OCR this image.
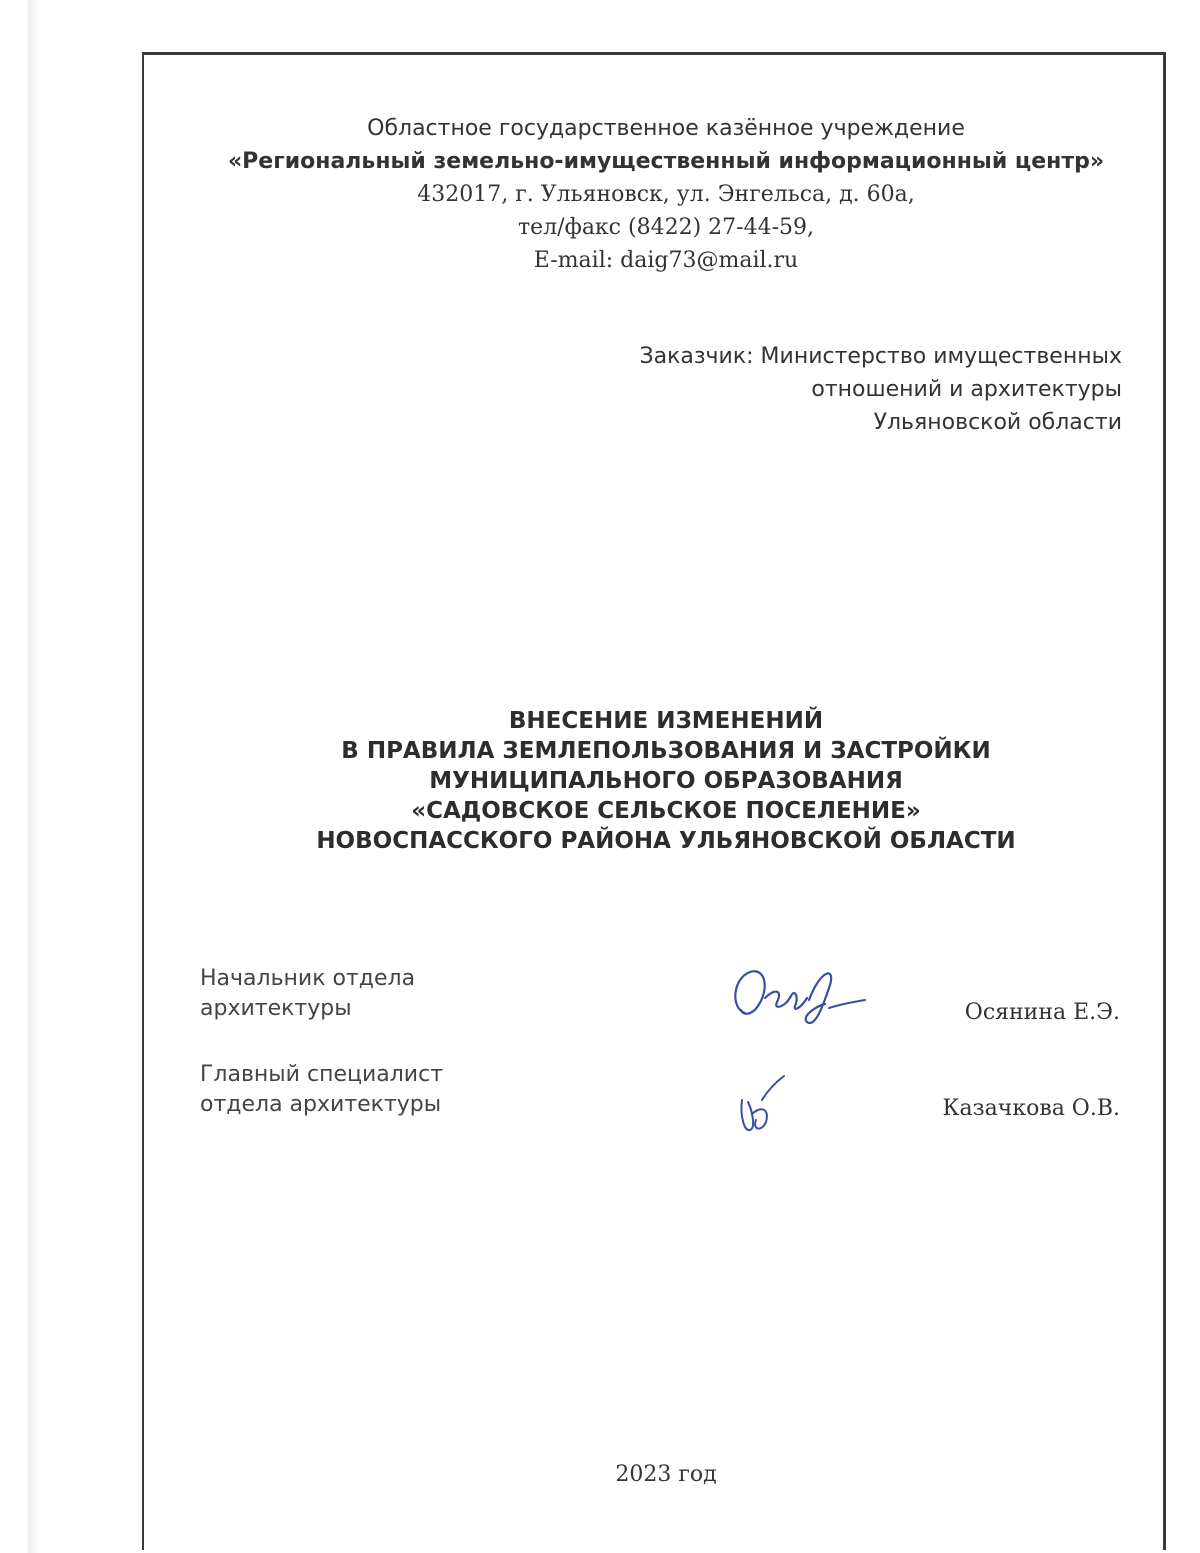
Областное государственное казённое учреждение
«Региональный земельно-имущественный информационный центр»
432017, г. Ульяновск, ул. Энгельса, д. 60а,
тел/факс (8422) 27-44-59,
E-mail: daig73@mail.ru
Заказчик: Министерство имущественных
отношений и архитектуры
Ульяновской области
ВНЕСЕНИЕ ИЗМЕНЕНИЙ
В ПРАВИЛА ЗЕМЛЕПОЛЬЗОВАНИЯ И ЗАСТРОЙКИ
МУНИЦИПАЛЬНОГО ОБРАЗОВАНИЯ
«САДОВСКОЕ СЕЛЬСКОЕ ПОСЕЛЕНИЕ»
НОВОСПАССКОГО РАЙОНА УЛЬЯНОВСКОЙ ОБЛАСТИ
Начальник отдела
архитектуры	Осянина Е.Э.
Главный специалист
отдела архитектуры	Казачкова О.В.
2023 год
